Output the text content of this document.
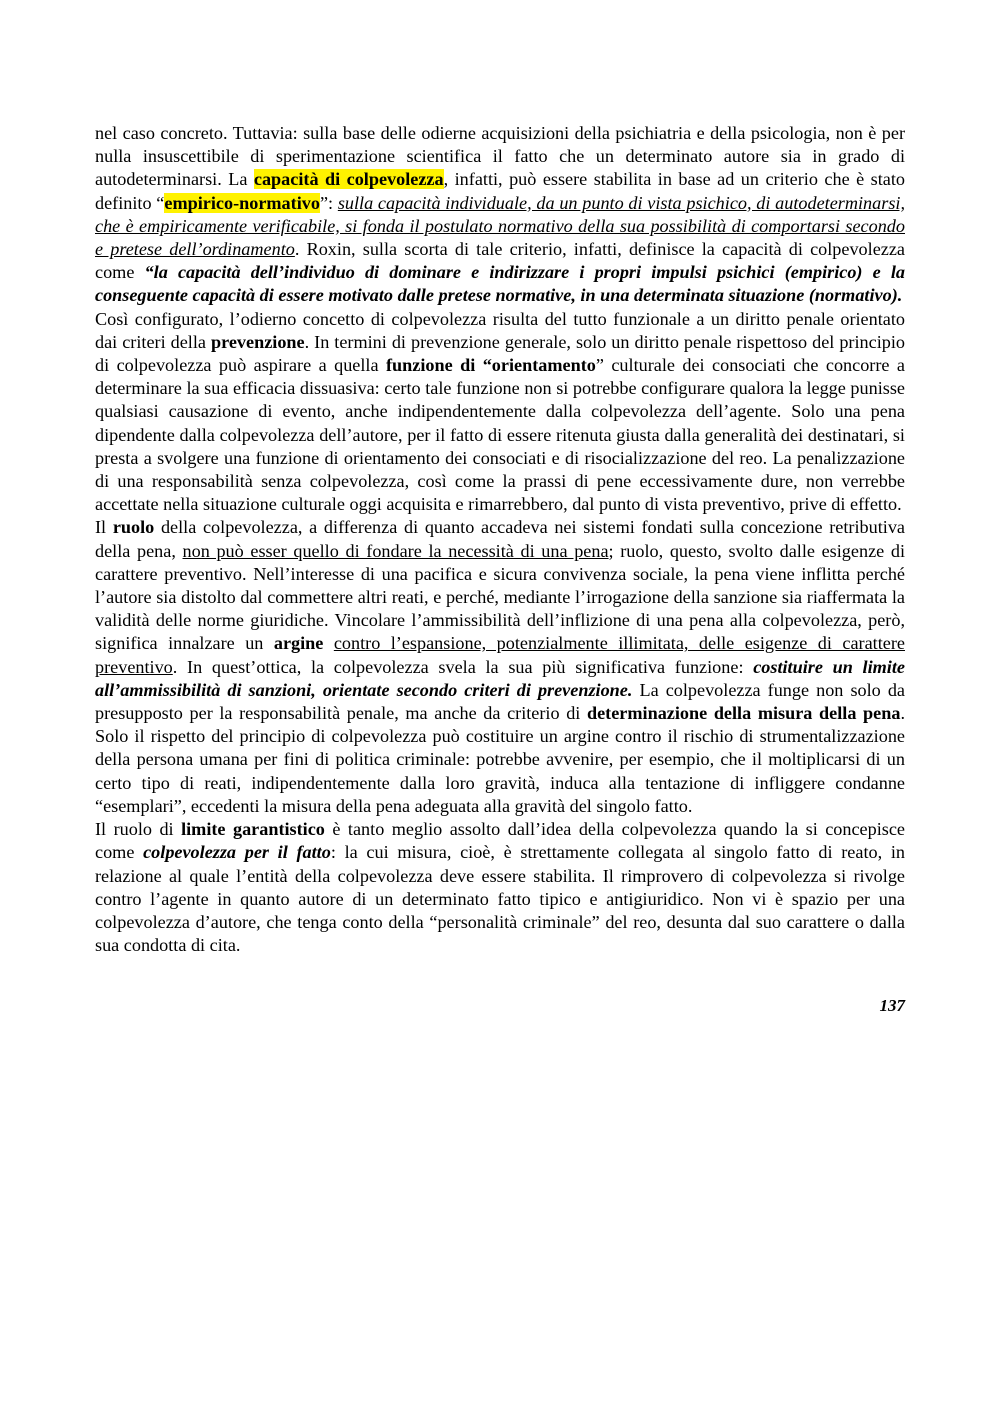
nel caso concreto. Tuttavia: sulla base delle odierne acquisizioni della psichiatria e della psicologia, non è per nulla insuscettibile di sperimentazione scientifica il fatto che un determinato autore sia in grado di autodeterminarsi. La capacità di colpevolezza, infatti, può essere stabilita in base ad un criterio che è stato definito “empirico-normativo”: sulla capacità individuale, da un punto di vista psichico, di autodeterminarsi, che è empiricamente verificabile, si fonda il postulato normativo della sua possibilità di comportarsi secondo e pretese dell’ordinamento. Roxin, sulla scorta di tale criterio, infatti, definisce la capacità di colpevolezza come “la capacità dell’individuo di dominare e indirizzare i propri impulsi psichici (empirico) e la conseguente capacità di essere motivato dalle pretese normative, in una determinata situazione (normativo).

Così configurato, l’odierno concetto di colpevolezza risulta del tutto funzionale a un diritto penale orientato dai criteri della prevenzione. In termini di prevenzione generale, solo un diritto penale rispettoso del principio di colpevolezza può aspirare a quella funzione di “orientamento” culturale dei consociati che concorre a determinare la sua efficacia dissuasiva: certo tale funzione non si potrebbe configurare qualora la legge punisse qualsiasi causazione di evento, anche indipendentemente dalla colpevolezza dell’agente. Solo una pena dipendente dalla colpevolezza dell’autore, per il fatto di essere ritenuta giusta dalla generalità dei destinatari, si presta a svolgere una funzione di orientamento dei consociati e di risocializzazione del reo. La penalizzazione di una responsabilità senza colpevolezza, così come la prassi di pene eccessivamente dure, non verrebbe accettate nella situazione culturale oggi acquisita e rimarrebbero, dal punto di vista preventivo, prive di effetto.

Il ruolo della colpevolezza, a differenza di quanto accadeva nei sistemi fondati sulla concezione retributiva della pena, non può esser quello di fondare la necessità di una pena; ruolo, questo, svolto dalle esigenze di carattere preventivo. Nell’interesse di una pacifica e sicura convivenza sociale, la pena viene inflitta perché l’autore sia distolto dal commettere altri reati, e perché, mediante l’irrogazione della sanzione sia riaffermata la validità delle norme giuridiche. Vincolare l’ammissibilità dell’inflizione di una pena alla colpevolezza, però, significa innalzare un argine contro l’espansione, potenzialmente illimitata, delle esigenze di carattere preventivo. In quest’ottica, la colpevolezza svela la sua più significativa funzione: costituire un limite all’ammissibilità di sanzioni, orientate secondo criteri di prevenzione. La colpevolezza funge non solo da presupposto per la responsabilità penale, ma anche da criterio di determinazione della misura della pena. Solo il rispetto del principio di colpevolezza può costituire un argine contro il rischio di strumentalizzazione della persona umana per fini di politica criminale: potrebbe avvenire, per esempio, che il moltiplicarsi di un certo tipo di reati, indipendentemente dalla loro gravità, induca alla tentazione di infliggere condanne “esemplari”, eccedenti la misura della pena adeguata alla gravità del singolo fatto.

Il ruolo di limite garantistico è tanto meglio assolto dall’idea della colpevolezza quando la si concepisce come colpevolezza per il fatto: la cui misura, cioè, è strettamente collegata al singolo fatto di reato, in relazione al quale l’entità della colpevolezza deve essere stabilita. Il rimprovero di colpevolezza si rivolge contro l’agente in quanto autore di un determinato fatto tipico e antigiuridico. Non vi è spazio per una colpevolezza d’autore, che tenga conto della “personalità criminale” del reo, desunta dal suo carattere o dalla sua condotta di cita.

137
